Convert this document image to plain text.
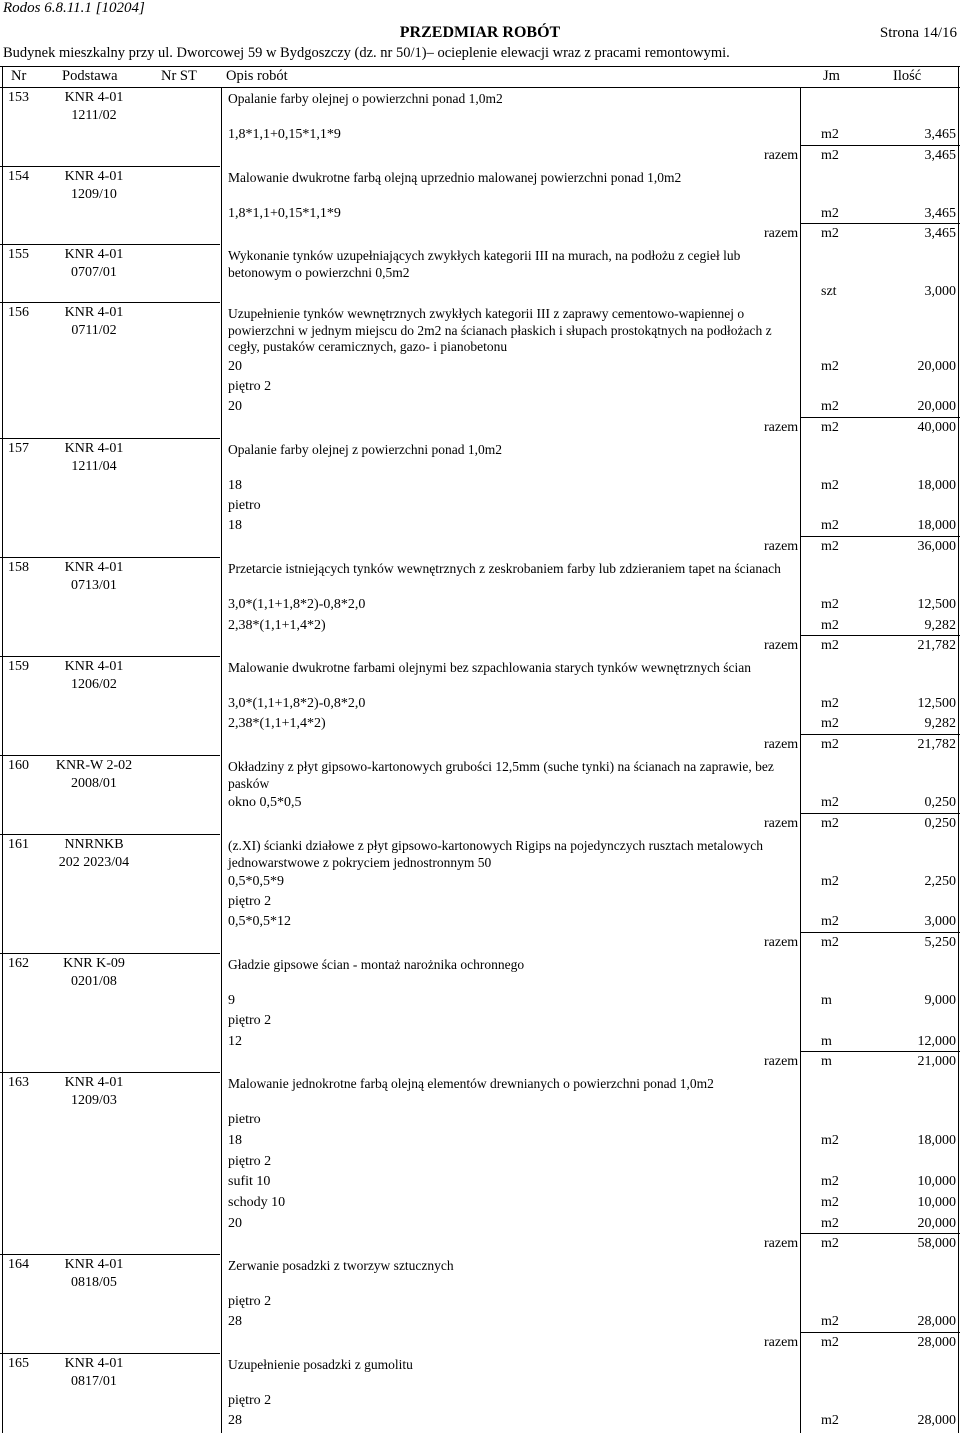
Rodos 6.8.11.1 [10204]
PRZEDMIAR ROBÓT	Strona 14/16
Budynek mieszkalny przy ul. Dworcowej 59 w Bydgoszczy (dz. nr 50/1)– ocieplenie elewacji wraz z pracami remontowymi.
Nr Podstawa	Nr ST Opis robót	Jm	Ilość
153	KNR 4-01
1211/02
Opalanie farby olejnej o powierzchni ponad 1,0m2
1,8*1,1+0,15*1,1*9	m2	3,465
razem m2	3,465
154	KNR 4-01
1209/10
Malowanie dwukrotne farbą olejną uprzednio malowanej powierzchni ponad 1,0m2
1,8*1,1+0,15*1,1*9	m2	3,465
razem m2	3,465
155	KNR 4-01
0707/01
Wykonanie tynków uzupełniających zwykłych kategorii III na murach, na podłożu z cegieł lub betonowym o powierzchni 0,5m2
szt	3,000
156	KNR 4-01
0711/02
Uzupełnienie tynków wewnętrznych zwykłych kategorii III z zaprawy cementowo-wapiennej o powierzchni w jednym miejscu do 2m2 na ścianach płaskich i słupach prostokątnych na podłożach z cegły, pustaków ceramicznych, gazo- i pianobetonu
20	m2	20,000
piętro 2
20	m2	20,000
razem m2	40,000
157	KNR 4-01
1211/04
Opalanie farby olejnej z powierzchni ponad 1,0m2
18	m2	18,000
pietro
18	m2	18,000
razem m2	36,000
158	KNR 4-01
0713/01
Przetarcie istniejących tynków wewnętrznych z zeskrobaniem farby lub zdzieraniem tapet na ścianach
3,0*(1,1+1,8*2)-0,8*2,0	m2	12,500
2,38*(1,1+1,4*2)	m2	9,282
razem m2	21,782
159	KNR 4-01
1206/02
Malowanie dwukrotne farbami olejnymi bez szpachlowania starych tynków wewnętrznych ścian
3,0*(1,1+1,8*2)-0,8*2,0	m2	12,500
2,38*(1,1+1,4*2)	m2	9,282
razem m2	21,782
160	KNR-W 2-02
2008/01
Okładziny z płyt gipsowo-kartonowych grubości 12,5mm (suche tynki) na ścianach na zaprawie, bez pasków
okno 0,5*0,5	m2	0,250
razem m2	0,250
161	NNRNKB
202 2023/04
(z.XI) ścianki działowe z płyt gipsowo-kartonowych Rigips na pojedynczych rusztach metalowych jednowarstwowe z pokryciem jednostronnym 50
0,5*0,5*9	m2	2,250
piętro 2
0,5*0,5*12	m2	3,000
razem m2	5,250
162	KNR K-09
0201/08
Gładzie gipsowe ścian - montaż narożnika ochronnego
9	m	9,000
piętro 2
12	m	12,000
razem m	21,000
163	KNR 4-01
1209/03
Malowanie jednokrotne farbą olejną elementów drewnianych o powierzchni ponad 1,0m2
pietro
18	m2	18,000
piętro 2
sufit 10	m2	10,000
schody 10	m2	10,000
20	m2	20,000
razem m2	58,000
164	KNR 4-01
0818/05
Zerwanie posadzki z tworzyw sztucznych
piętro 2
28	m2	28,000
razem m2	28,000
165	KNR 4-01
0817/01
Uzupełnienie posadzki z gumolitu
piętro 2
28	m2	28,000
